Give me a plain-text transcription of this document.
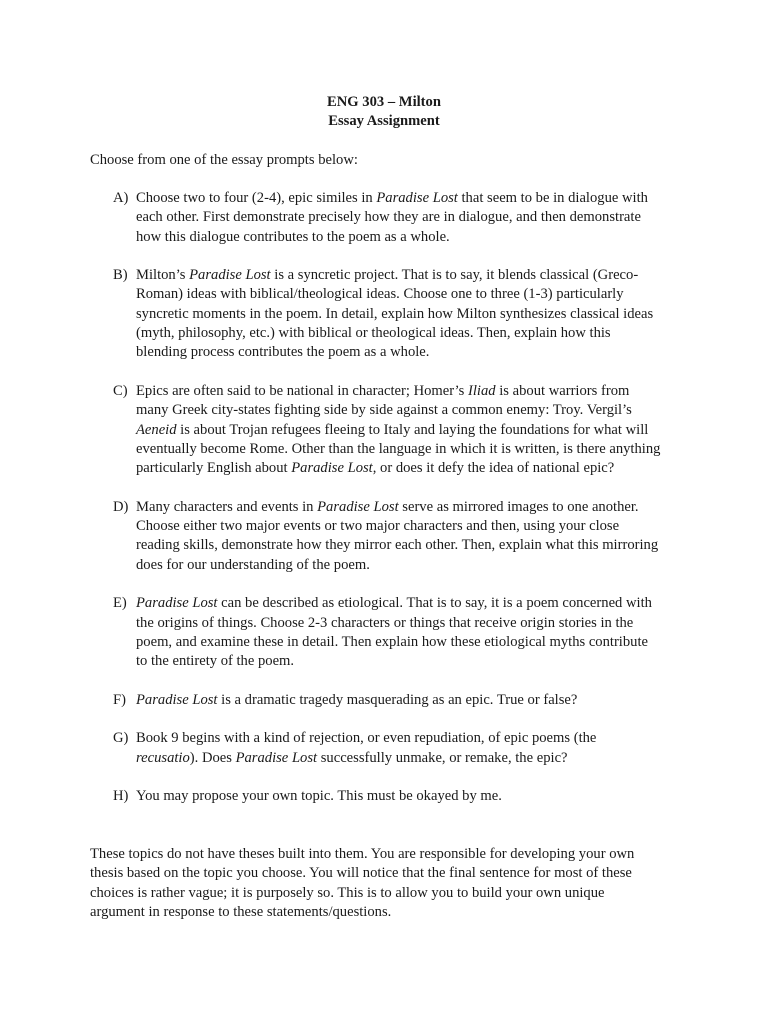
ENG 303 – Milton
Essay Assignment
Choose from one of the essay prompts below:
A) Choose two to four (2-4), epic similes in Paradise Lost that seem to be in dialogue with
each other. First demonstrate precisely how they are in dialogue, and then demonstrate
how this dialogue contributes to the poem as a whole.
B) Milton’s Paradise Lost is a syncretic project. That is to say, it blends classical (Greco-
Roman) ideas with biblical/theological ideas. Choose one to three (1-3) particularly
syncretic moments in the poem. In detail, explain how Milton synthesizes classical ideas
(myth, philosophy, etc.) with biblical or theological ideas. Then, explain how this
blending process contributes the poem as a whole.
C) Epics are often said to be national in character; Homer’s Iliad is about warriors from
many Greek city-states fighting side by side against a common enemy: Troy. Vergil’s
Aeneid is about Trojan refugees fleeing to Italy and laying the foundations for what will
eventually become Rome. Other than the language in which it is written, is there anything
particularly English about Paradise Lost, or does it defy the idea of national epic?
D) Many characters and events in Paradise Lost serve as mirrored images to one another.
Choose either two major events or two major characters and then, using your close
reading skills, demonstrate how they mirror each other. Then, explain what this mirroring
does for our understanding of the poem.
E) Paradise Lost can be described as etiological. That is to say, it is a poem concerned with
the origins of things. Choose 2-3 characters or things that receive origin stories in the
poem, and examine these in detail. Then explain how these etiological myths contribute
to the entirety of the poem.
F) Paradise Lost is a dramatic tragedy masquerading as an epic. True or false?
G) Book 9 begins with a kind of rejection, or even repudiation, of epic poems (the
recusatio). Does Paradise Lost successfully unmake, or remake, the epic?
H) You may propose your own topic. This must be okayed by me.
These topics do not have theses built into them. You are responsible for developing your own
thesis based on the topic you choose. You will notice that the final sentence for most of these
choices is rather vague; it is purposely so. This is to allow you to build your own unique
argument in response to these statements/questions.
